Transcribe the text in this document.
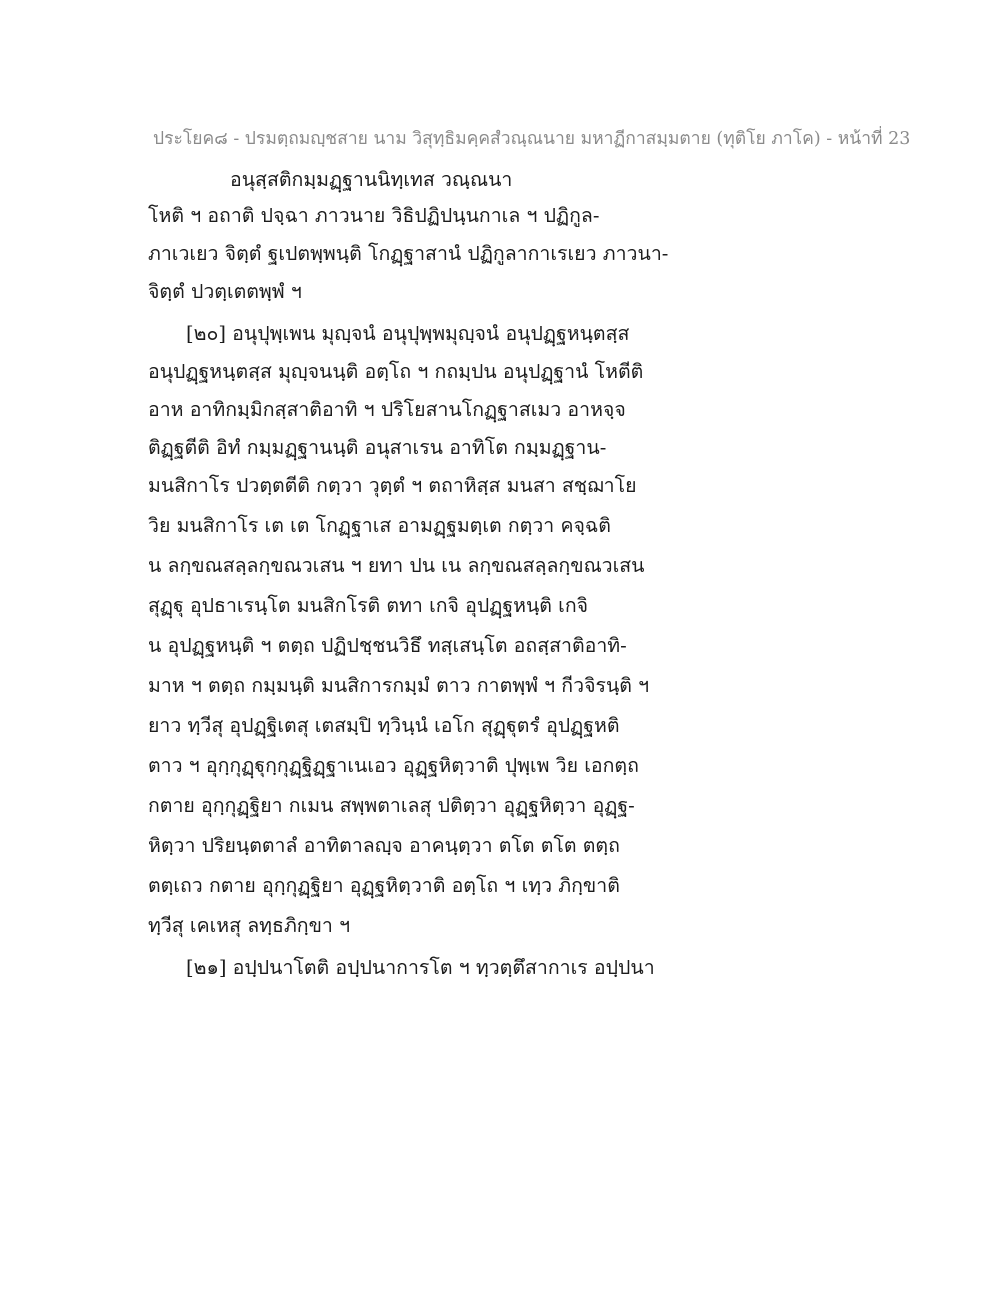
ประโยค๘ - ปรมตฺถมญฺชสาย นาม วิสุทฺธิมคฺคสํวณฺณนาย มหาฏีกาสมฺมตาย (ทุติโย ภาโค) - หน้าที่ 23
อนุสฺสติกมฺมฏฺฐานนิทฺเทส วณฺณนา
โหติ ฯ อถาติ ปจฺฉา ภาวนาย วิธิปฏิปนฺนกาเล ฯ ปฏิกูล-
ภาเวเยว จิตฺตํ ฐเปตพฺพนฺติ โกฏฺฐาสานํ ปฏิกูลากาเรเยว ภาวนา-
จิตฺตํ ปวตฺเตตพฺพํ ฯ
[๒๐] อนุปุพฺเพน มุญฺจนํ อนุปุพฺพมุญฺจนํ อนุปฏฺฐหนฺตสฺส
อนุปฏฺฐหนฺตสฺส มุญฺจนนฺติ อตฺโถ ฯ กถมฺปน อนุปฏฺฐานํ โหตีติ
อาห อาทิกมฺมิกสฺสาติอาทิ ฯ ปริโยสานโกฏฺฐาสเมว อาหจฺจ
ติฏฺฐตีติ อิทํ กมฺมฏฺฐานนฺติ อนุสาเรน อาทิโต กมฺมฏฺฐาน-
มนสิกาโร ปวตฺตตีติ กตฺวา วุตฺตํ ฯ ตถาหิสฺส มนสา สชฺฌาโย
วิย มนสิกาโร เต เต โกฏฺฐาเส อามฏฺฐมตฺเต กตฺวา คจฺฉติ
น ลกฺขณสลฺลกฺขณวเสน ฯ ยทา ปน เน ลกฺขณสลฺลกฺขณวเสน
สุฏฺฐุ อุปธาเรนฺโต มนสิกโรติ ตทา เกจิ อุปฏฺฐหนฺติ เกจิ
น อุปฏฺฐหนฺติ ฯ ตตฺถ ปฏิปชฺชนวิธึ ทสฺเสนฺโต อถสฺสาติอาทิ-
มาห ฯ ตตฺถ กมฺมนฺติ มนสิการกมฺมํ ตาว กาตพฺพํ ฯ กีวจิรนฺติ ฯ
ยาว ทฺวีสุ อุปฏฺฐิเตสุ เตสมฺปิ ทฺวินฺนํ เอโก สุฏฺฐุตรํ อุปฏฺฐหติ
ตาว ฯ อุกฺกุฏฺฐุกฺกุฏฺฐิฏฺฐาเนเอว อุฏฺฐหิตฺวาติ ปุพฺเพ วิย เอกตฺถ
กตาย อุกฺกุฏฺฐิยา กเมน สพฺพตาเลสุ ปติตฺวา อุฏฺฐหิตฺวา อุฏฺฐ-
หิตฺวา ปริยนฺตตาลํ อาทิตาลญฺจ อาคนฺตฺวา ตโต ตโต ตตฺถ
ตตฺเถว กตาย อุกฺกุฏฺฐิยา อุฏฺฐหิตฺวาติ อตฺโถ ฯ เทฺว ภิกฺขาติ
ทฺวีสุ เคเหสุ ลทฺธภิกฺขา ฯ
[๒๑] อปฺปนาโตติ อปฺปนาการโต ฯ ทฺวตฺตึสากาเร อปฺปนา
